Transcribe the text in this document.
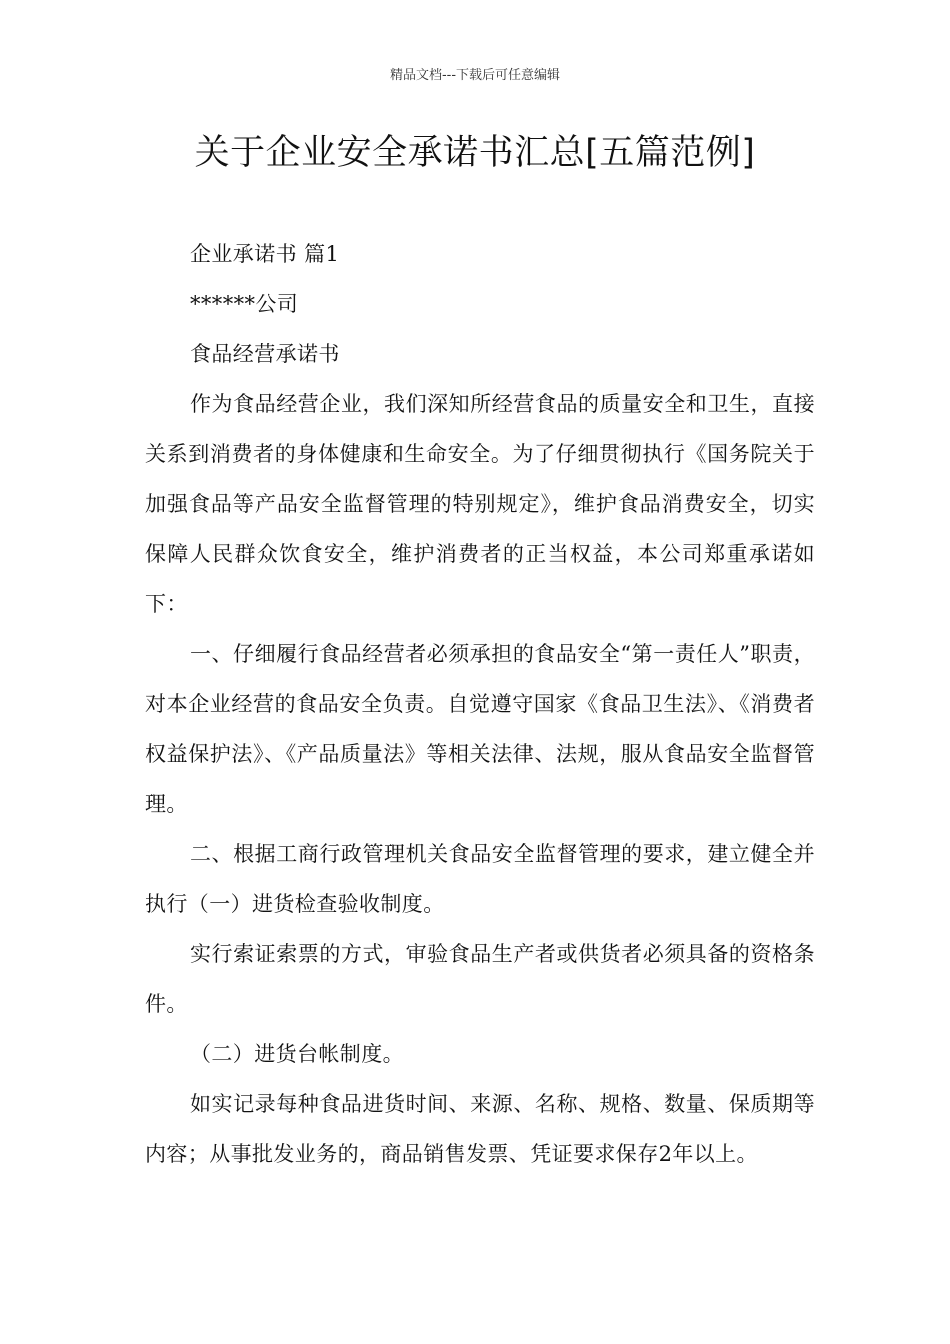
精品文档---下载后可任意编辑
关于企业安全承诺书汇总[五篇范例]

企业承诺书 篇1

******公司

食品经营承诺书

作为食品经营企业，我们深知所经营食品的质量安全和卫生，直接关系到消费者的身体健康和生命安全。为了仔细贯彻执行《国务院关于加强食品等产品安全监督管理的特别规定》，维护食品消费安全，切实保障人民群众饮食安全，维护消费者的正当权益，本公司郑重承诺如下：

一、仔细履行食品经营者必须承担的食品安全“第一责任人”职责，对本企业经营的食品安全负责。自觉遵守国家《食品卫生法》、《消费者权益保护法》、《产品质量法》等相关法律、法规，服从食品安全监督管理。

二、根据工商行政管理机关食品安全监督管理的要求，建立健全并执行（一）进货检查验收制度。

实行索证索票的方式，审验食品生产者或供货者必须具备的资格条件。

（二）进货台帐制度。

如实记录每种食品进货时间、来源、名称、规格、数量、保质期等内容；从事批发业务的，商品销售发票、凭证要求保存2年以上。
